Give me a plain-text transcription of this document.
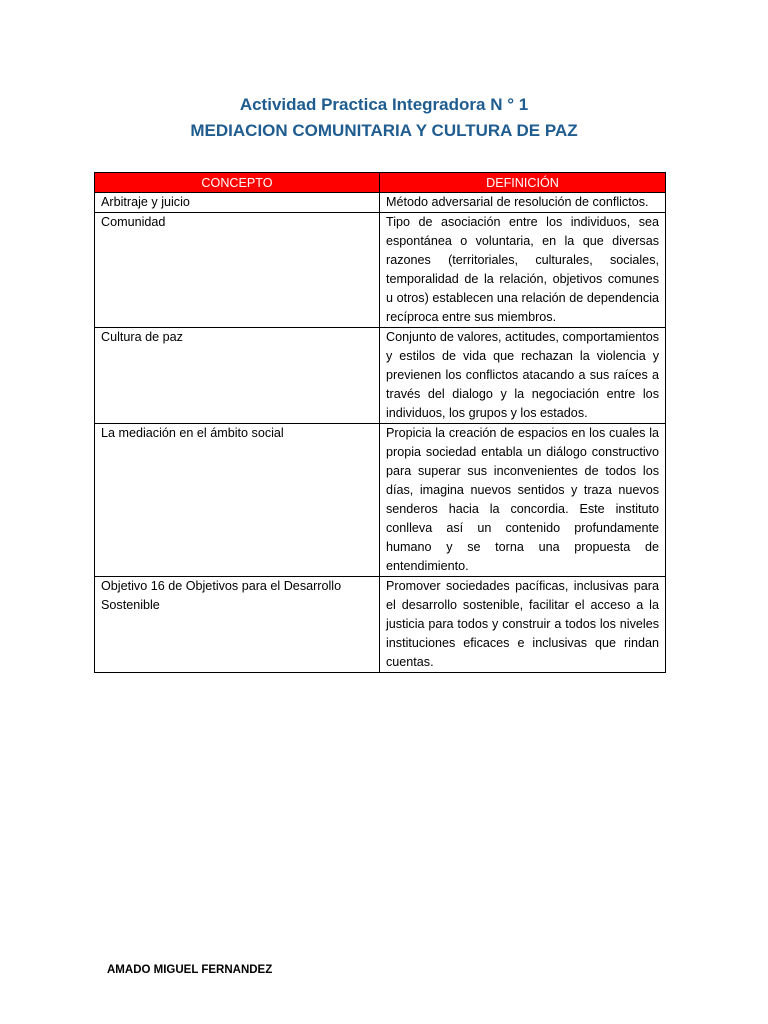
Actividad Practica Integradora N ° 1
MEDIACION COMUNITARIA Y CULTURA DE PAZ
CONCEPTO	DEFINICIÓN
Arbitraje y juicio	Método adversarial de resolución de conflictos.
Comunidad	Tipo de asociación entre los individuos, sea espontánea o voluntaria, en la que diversas razones (territoriales, culturales, sociales, temporalidad de la relación, objetivos comunes u otros) establecen una relación de dependencia recíproca entre sus miembros.
Cultura de paz	Conjunto de valores, actitudes, comportamientos y estilos de vida que rechazan la violencia y previenen los conflictos atacando a sus raíces a través del dialogo y la negociación entre los individuos, los grupos y los estados.
La mediación en el ámbito social	Propicia la creación de espacios en los cuales la propia sociedad entabla un diálogo constructivo para superar sus inconvenientes de todos los días, imagina nuevos sentidos y traza nuevos senderos hacia la concordia. Este instituto conlleva así un contenido profundamente humano y se torna una propuesta de entendimiento.
Objetivo 16 de Objetivos para el Desarrollo Sostenible	Promover sociedades pacíficas, inclusivas para el desarrollo sostenible, facilitar el acceso a la justicia para todos y construir a todos los niveles instituciones eficaces e inclusivas que rindan cuentas.
AMADO MIGUEL FERNANDEZ
